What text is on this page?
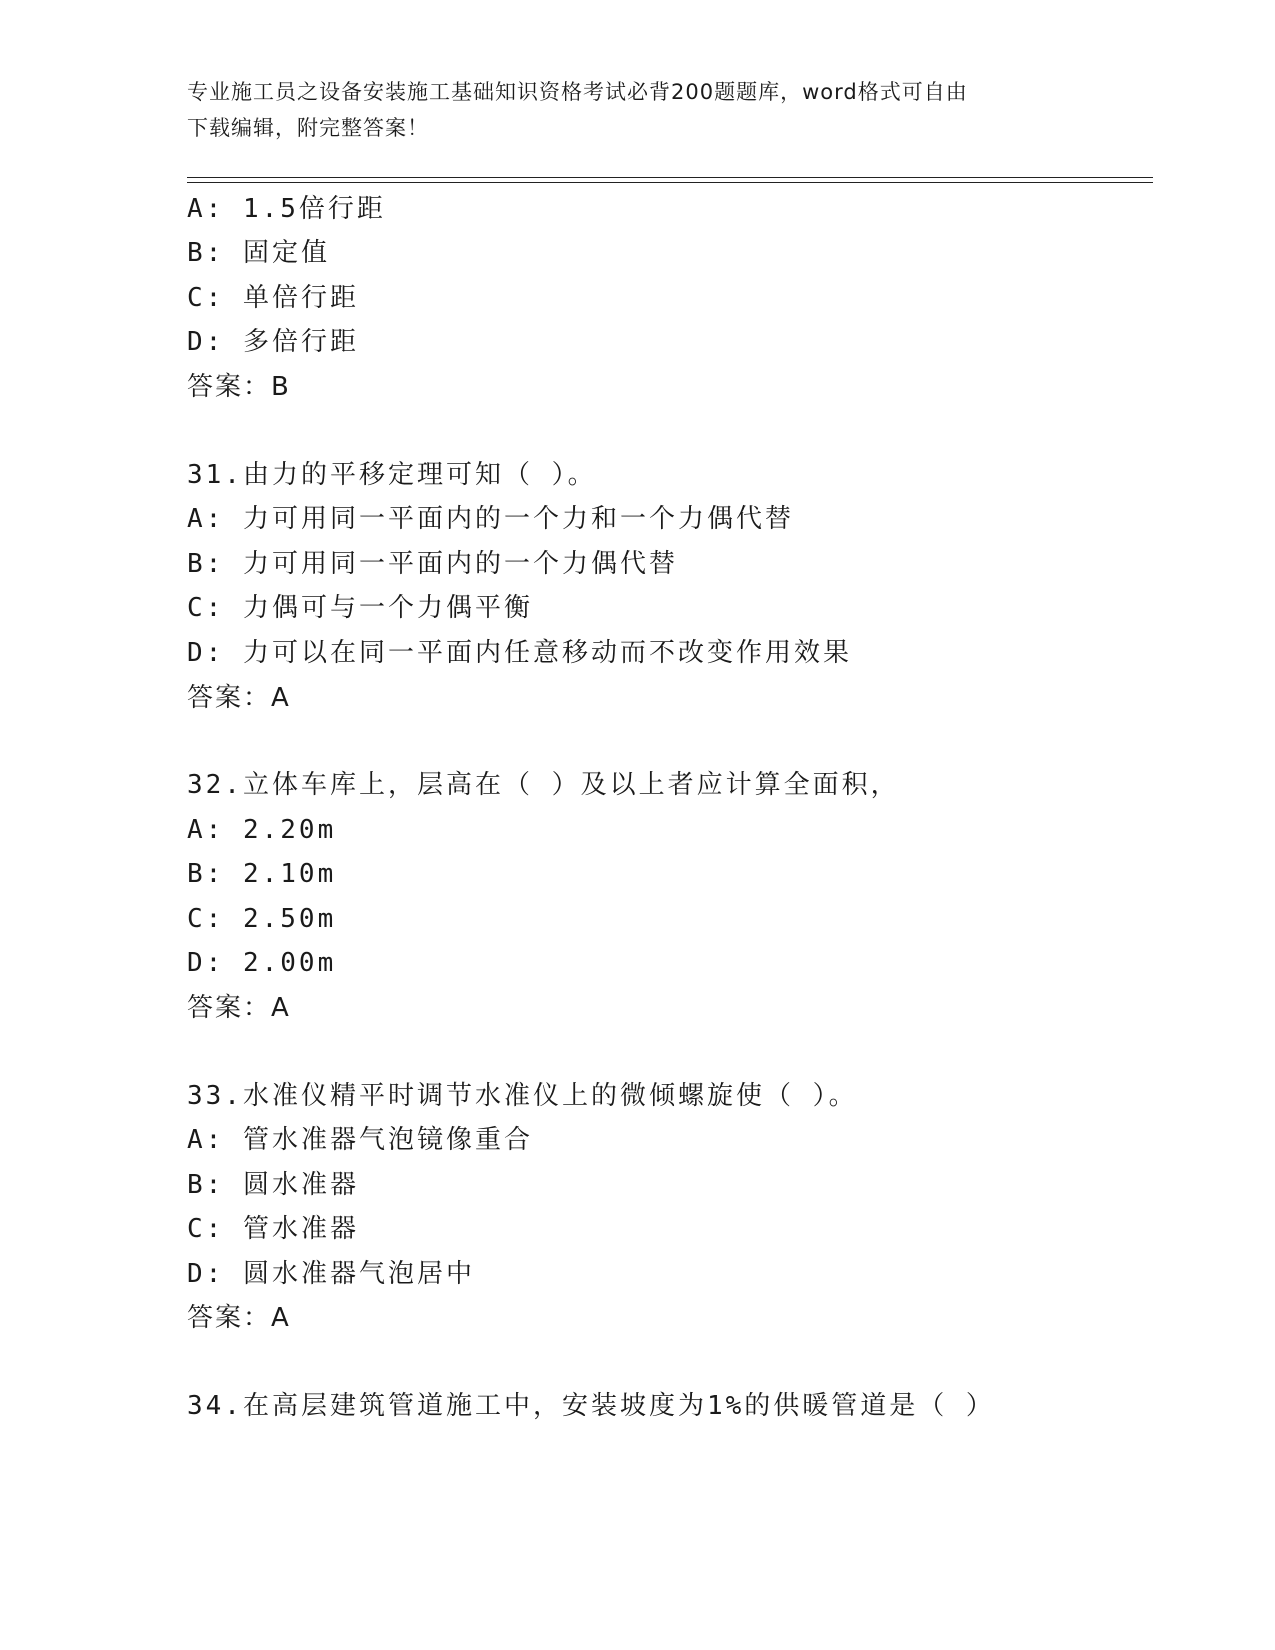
专业施工员之设备安装施工基础知识资格考试必背200题题库，word格式可自由
下载编辑，附完整答案！
A: 1.5倍行距
B: 固定值
C: 单倍行距
D: 多倍行距
答案：B
31.由力的平移定理可知（ ）。
A: 力可用同一平面内的一个力和一个力偶代替
B: 力可用同一平面内的一个力偶代替
C: 力偶可与一个力偶平衡
D: 力可以在同一平面内任意移动而不改变作用效果
答案：A
32.立体车库上，层高在（ ）及以上者应计算全面积，
A: 2.20m
B: 2.10m
C: 2.50m
D: 2.00m
答案：A
33.水准仪精平时调节水准仪上的微倾螺旋使（ ）。
A: 管水准器气泡镜像重合
B: 圆水准器
C: 管水准器
D: 圆水准器气泡居中
答案：A
34.在高层建筑管道施工中，安装坡度为1%的供暖管道是（ ）
